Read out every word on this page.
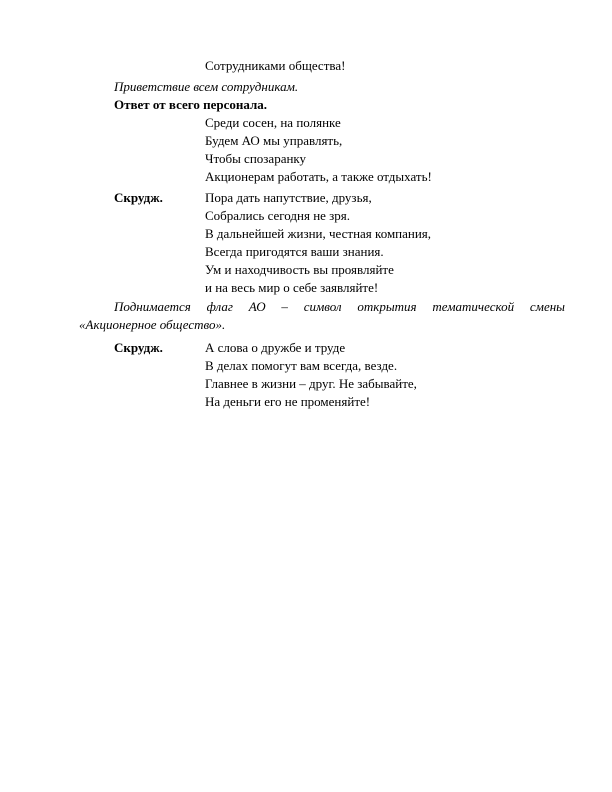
Сотрудниками общества!
Приветствие всем сотрудникам.
Ответ от всего персонала.
Среди сосен, на полянке
Будем АО мы управлять,
Чтобы спозаранку
Акционерам работать, а также отдыхать!
Скрудж.	Пора дать напутствие, друзья,
Собрались сегодня не зря.
В дальнейшей жизни, честная компания,
Всегда пригодятся ваши знания.
Ум и находчивость вы проявляйте
и на весь мир о себе заявляйте!
Поднимается флаг АО – символ открытия тематической смены
«Акционерное общество».
Скрудж.	А слова о дружбе и труде
В делах помогут вам всегда, везде.
Главнее в жизни – друг. Не забывайте,
На деньги его не променяйте!
